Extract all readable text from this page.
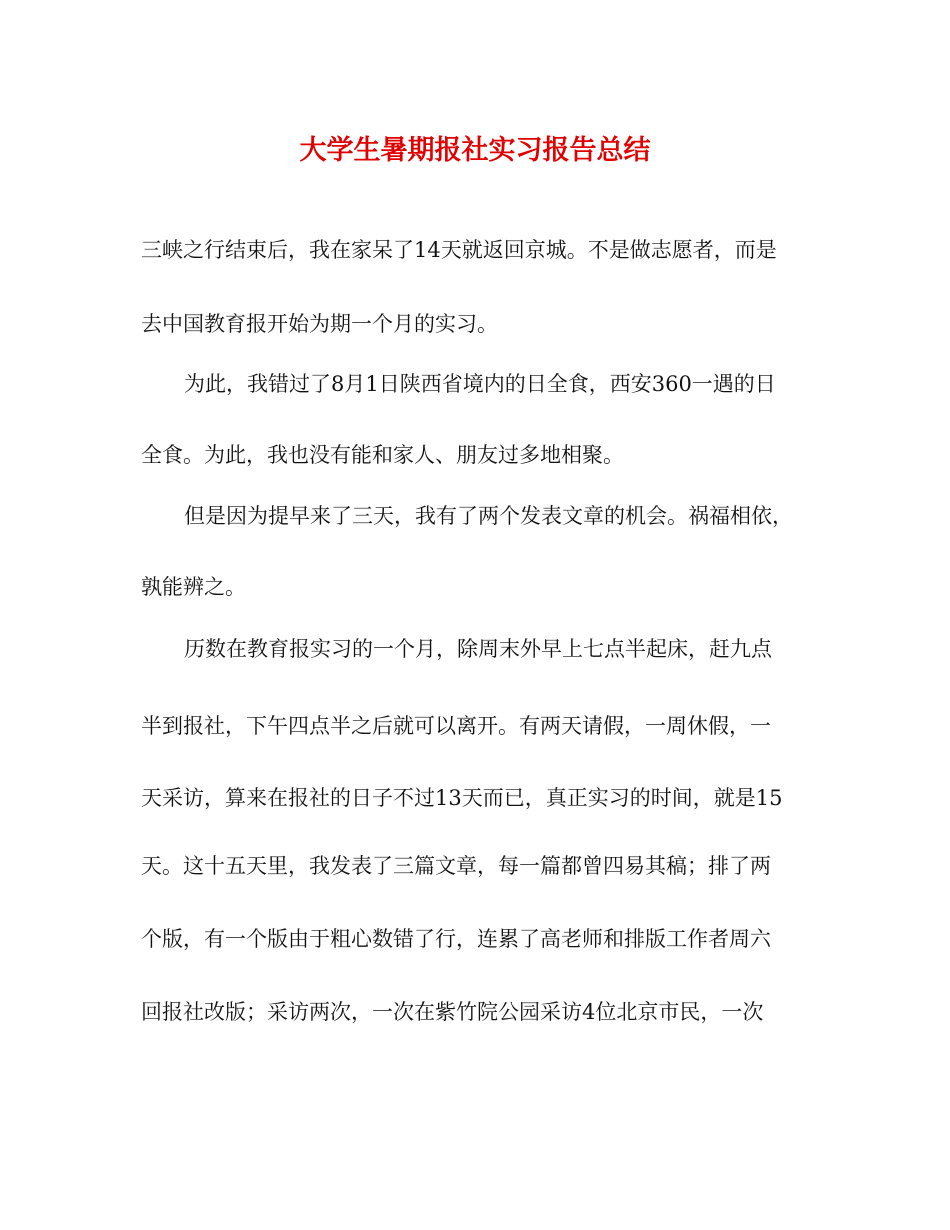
大学生暑期报社实习报告总结
三峡之行结束后，我在家呆了14天就返回京城。不是做志愿者，而是
去中国教育报开始为期一个月的实习。
为此，我错过了8月1日陕西省境内的日全食，西安360一遇的日
全食。为此，我也没有能和家人、朋友过多地相聚。
但是因为提早来了三天，我有了两个发表文章的机会。祸福相依，
孰能辨之。
历数在教育报实习的一个月，除周末外早上七点半起床，赶九点
半到报社，下午四点半之后就可以离开。有两天请假，一周休假，一
天采访，算来在报社的日子不过13天而已，真正实习的时间，就是15
天。这十五天里，我发表了三篇文章，每一篇都曾四易其稿；排了两
个版，有一个版由于粗心数错了行，连累了高老师和排版工作者周六
回报社改版；采访两次，一次在紫竹院公园采访4位北京市民，一次
